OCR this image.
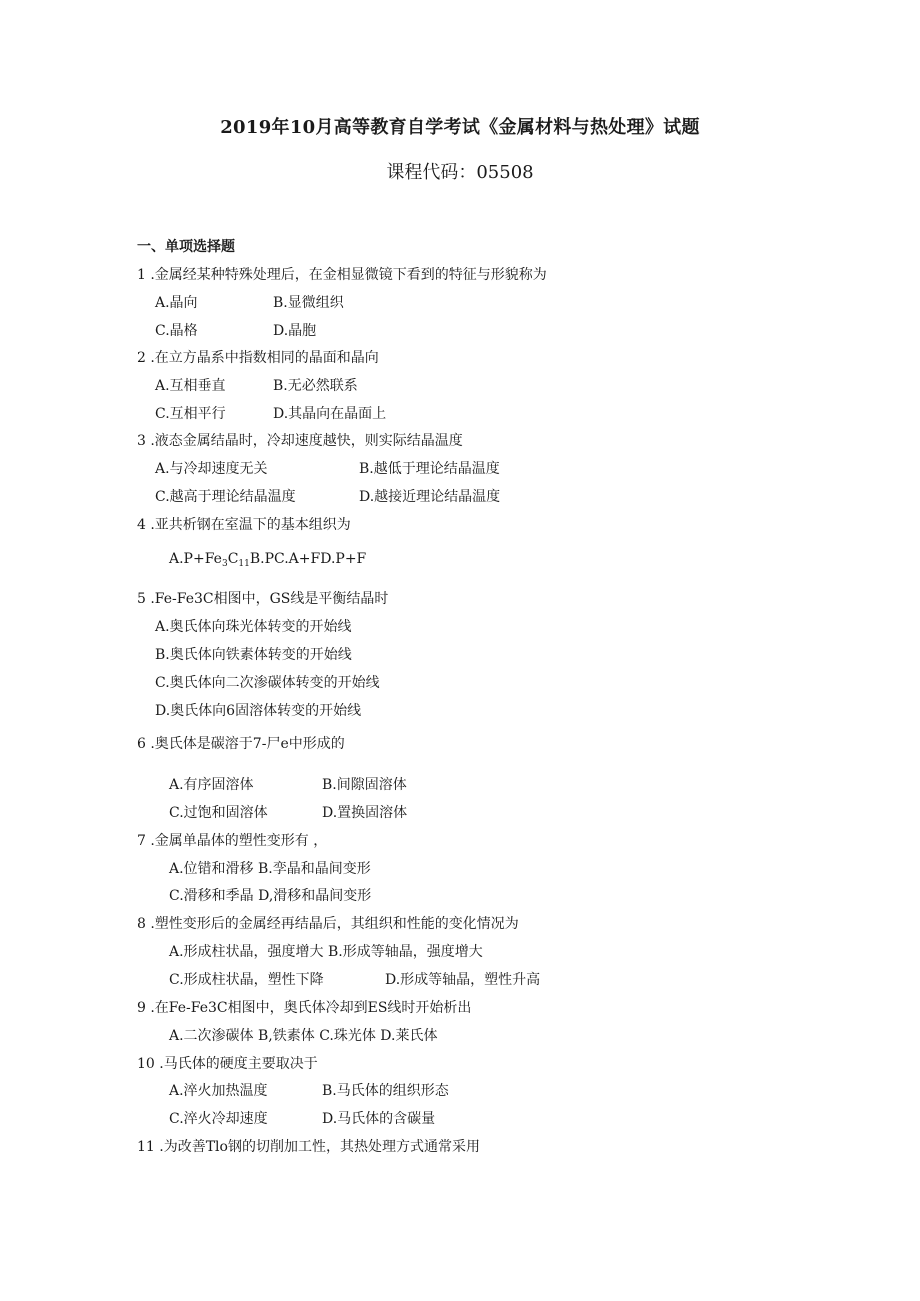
2019年10月高等教育自学考试《金属材料与热处理》试题
课程代码：05508
一、单项选择题
1 .金属经某种特殊处理后，在金相显微镜下看到的特征与形貌称为
A.晶向	B.显微组织
C.晶格	D.晶胞
2 .在立方晶系中指数相同的晶面和晶向
A.互相垂直	B.无必然联系
C.互相平行	D.其晶向在晶面上
3 .液态金属结晶时，冷却速度越快，则实际结晶温度
A.与冷却速度无关	B.越低于理论结晶温度
C.越高于理论结晶温度	D.越接近理论结晶温度
4 .亚共析钢在室温下的基本组织为
$A.P+Fe_3C_{11}B.PC.A+FD.P+F$
5 .Fe-Fe3C相图中，GS线是平衡结晶时
A.奥氏体向珠光体转变的开始线
B.奥氏体向铁素体转变的开始线
C.奥氏体向二次渗碳体转变的开始线
D.奥氏体向6固溶体转变的开始线
6 .奥氏体是碳溶于7-尸e中形成的
A.有序固溶体	B.间隙固溶体
C.过饱和固溶体	D.置换固溶体
7 .金属单晶体的塑性变形有 ，
A.位错和滑移 B.孪晶和晶间变形
C.滑移和季晶 D,滑移和晶间变形
8 .塑性变形后的金属经再结晶后，其组织和性能的变化情况为
A.形成柱状晶，强度增大 B.形成等轴晶，强度增大
C.形成柱状晶，塑性下降	D.形成等轴晶，塑性升高
9 .在Fe-Fe3C相图中，奥氏体冷却到ES线时开始析出
A.二次渗碳体 B,铁素体 C.珠光体 D.莱氏体
10 .马氏体的硬度主要取决于
A.淬火加热温度	B.马氏体的组织形态
C.淬火冷却速度	D.马氏体的含碳量
11 .为改善Tlo钢的切削加工性，其热处理方式通常采用
